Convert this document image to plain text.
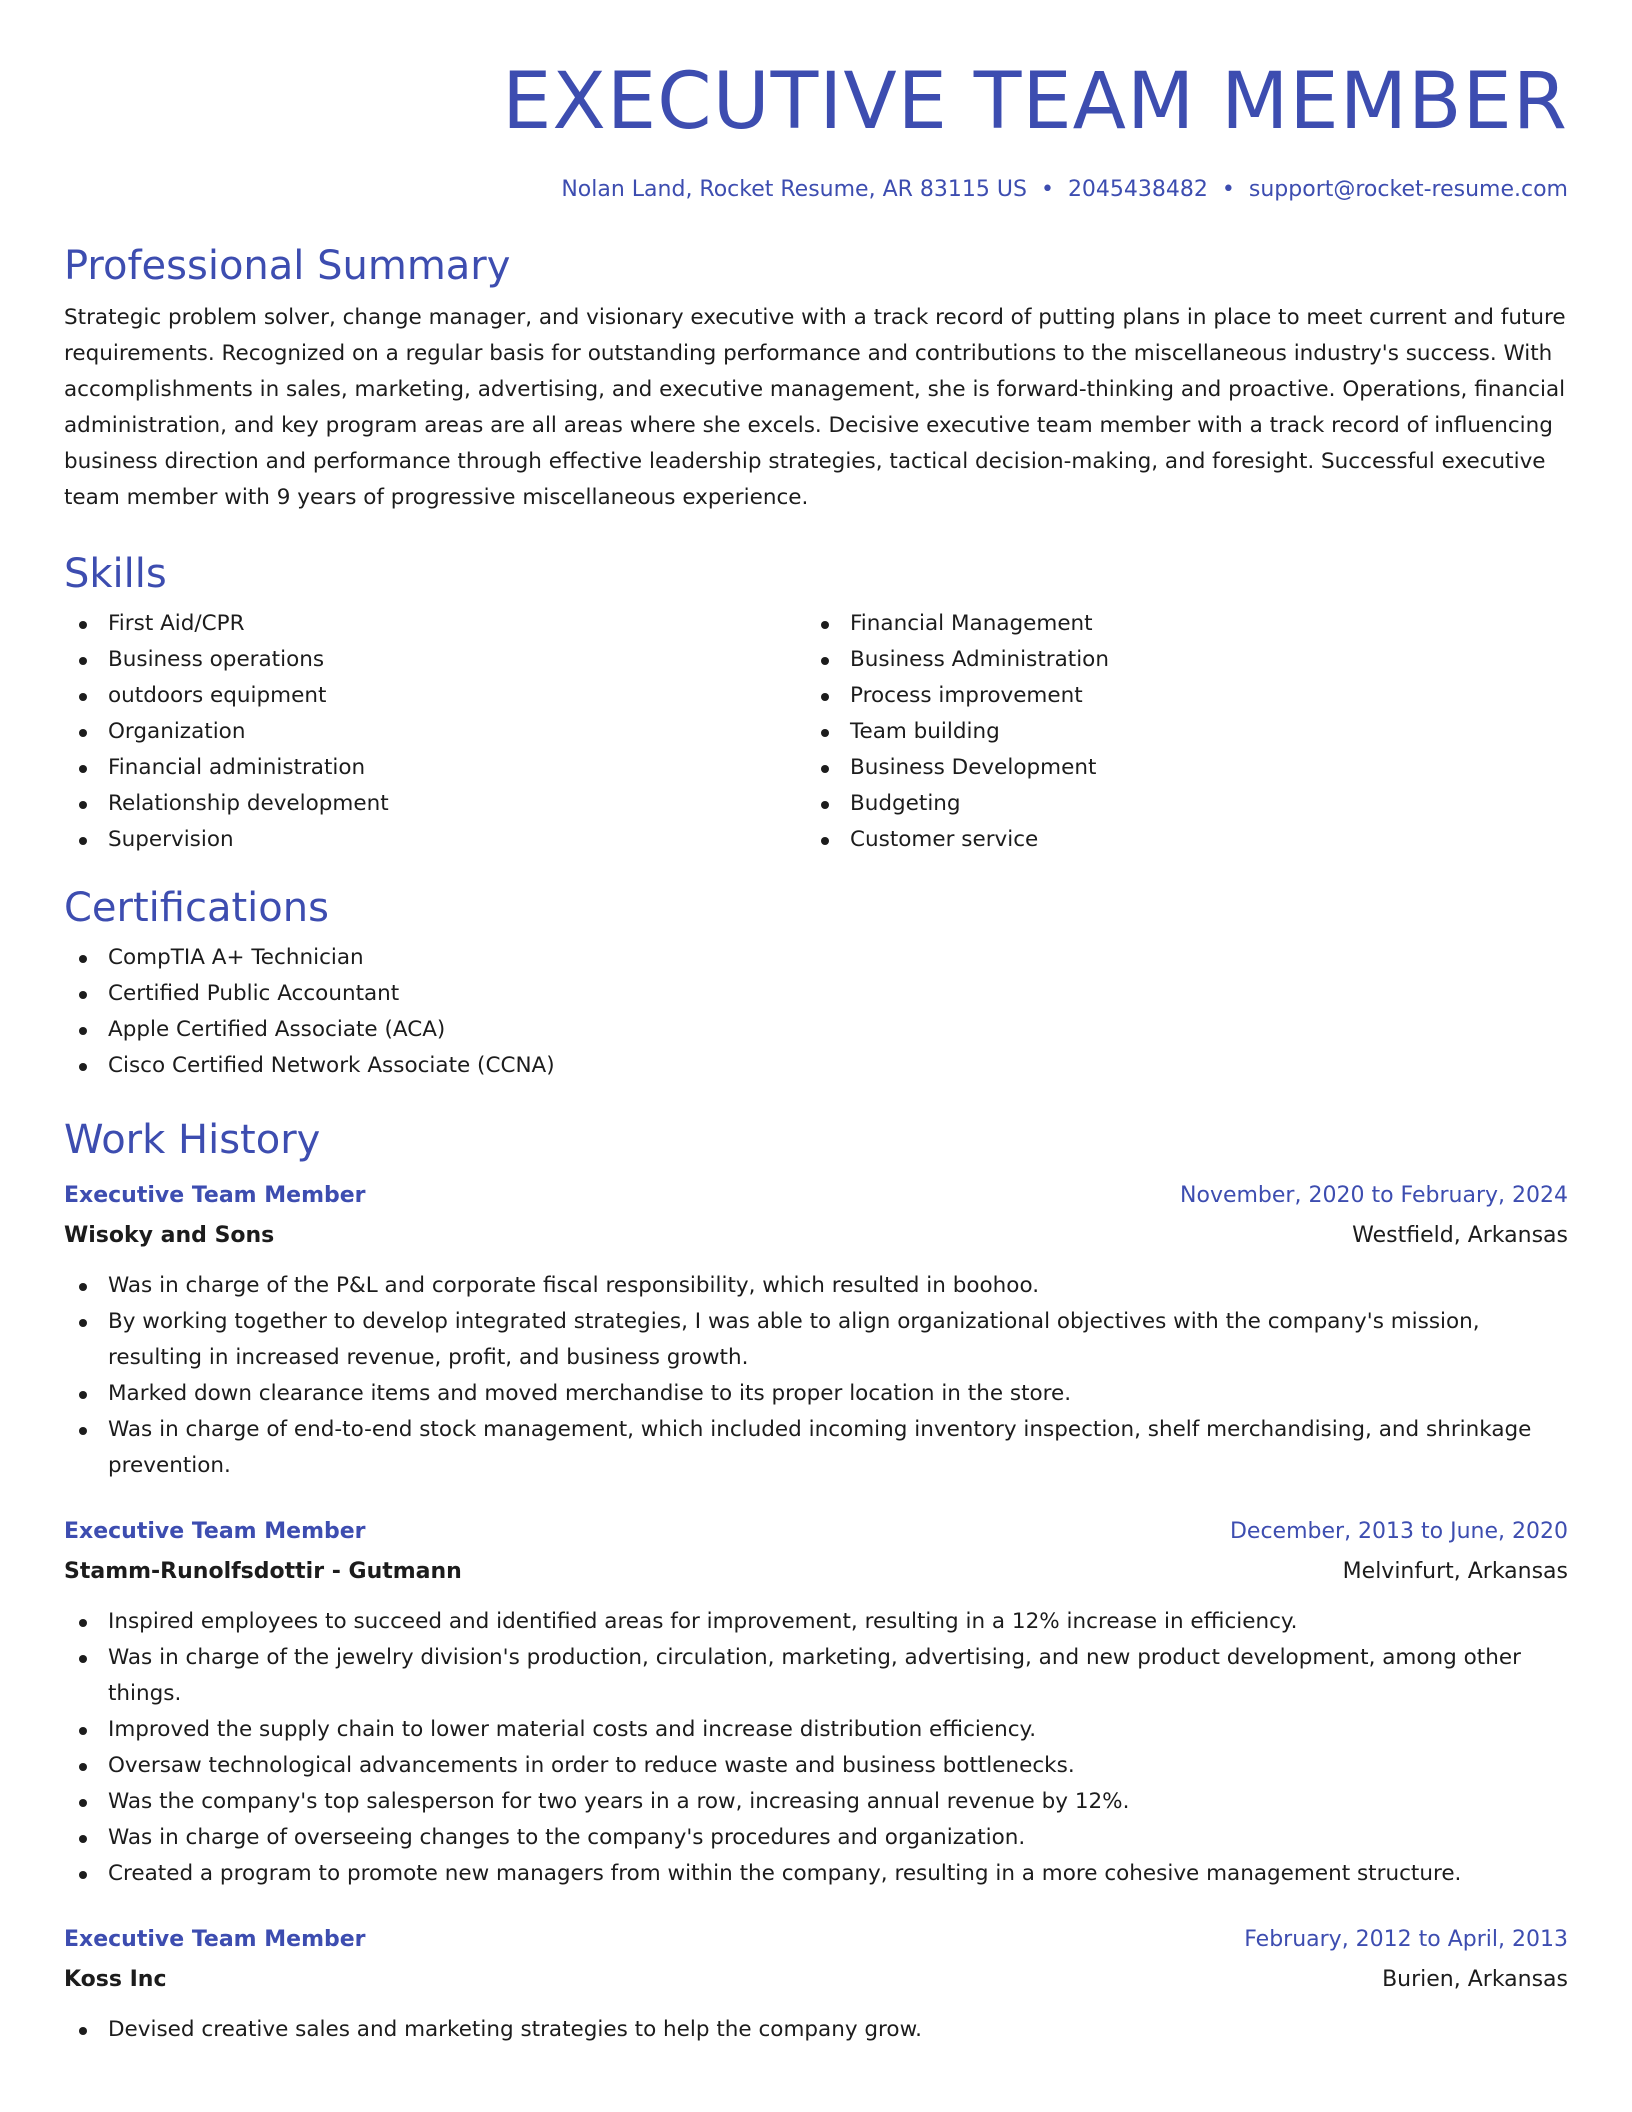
EXECUTIVE TEAM MEMBER
Nolan Land, Rocket Resume, AR 83115 US • 2045438482 • support@rocket-resume.com
Professional Summary

Strategic problem solver, change manager, and visionary executive with a track record of putting plans in place to meet current and future requirements. Recognized on a regular basis for outstanding performance and contributions to the miscellaneous industry's success. With accomplishments in sales, marketing, advertising, and executive management, she is forward-thinking and proactive. Operations, financial administration, and key program areas are all areas where she excels. Decisive executive team member with a track record of influencing business direction and performance through effective leadership strategies, tactical decision-making, and foresight. Successful executive team member with 9 years of progressive miscellaneous experience.

Skills
First Aid/CPR
Business operations
outdoors equipment
Organization
Financial administration
Relationship development
Supervision
Financial Management
Business Administration
Process improvement
Team building
Business Development
Budgeting
Customer service
Certifications
CompTIA A+ Technician
Certified Public Accountant
Apple Certified Associate (ACA)
Cisco Certified Network Associate (CCNA)
Work History
Executive Team Member	November, 2020 to February, 2024
Wisoky and Sons	Westfield, Arkansas
Was in charge of the P&L and corporate fiscal responsibility, which resulted in boohoo.
By working together to develop integrated strategies, I was able to align organizational objectives with the company's mission, resulting in increased revenue, profit, and business growth.
Marked down clearance items and moved merchandise to its proper location in the store.
Was in charge of end-to-end stock management, which included incoming inventory inspection, shelf merchandising, and shrinkage prevention.
Executive Team Member	December, 2013 to June, 2020
Stamm-Runolfsdottir - Gutmann	Melvinfurt, Arkansas
Inspired employees to succeed and identified areas for improvement, resulting in a 12% increase in efficiency.
Was in charge of the jewelry division's production, circulation, marketing, advertising, and new product development, among other things.
Improved the supply chain to lower material costs and increase distribution efficiency.
Oversaw technological advancements in order to reduce waste and business bottlenecks.
Was the company's top salesperson for two years in a row, increasing annual revenue by 12%.
Was in charge of overseeing changes to the company's procedures and organization.
Created a program to promote new managers from within the company, resulting in a more cohesive management structure.
Executive Team Member	February, 2012 to April, 2013
Koss Inc	Burien, Arkansas
Devised creative sales and marketing strategies to help the company grow.
